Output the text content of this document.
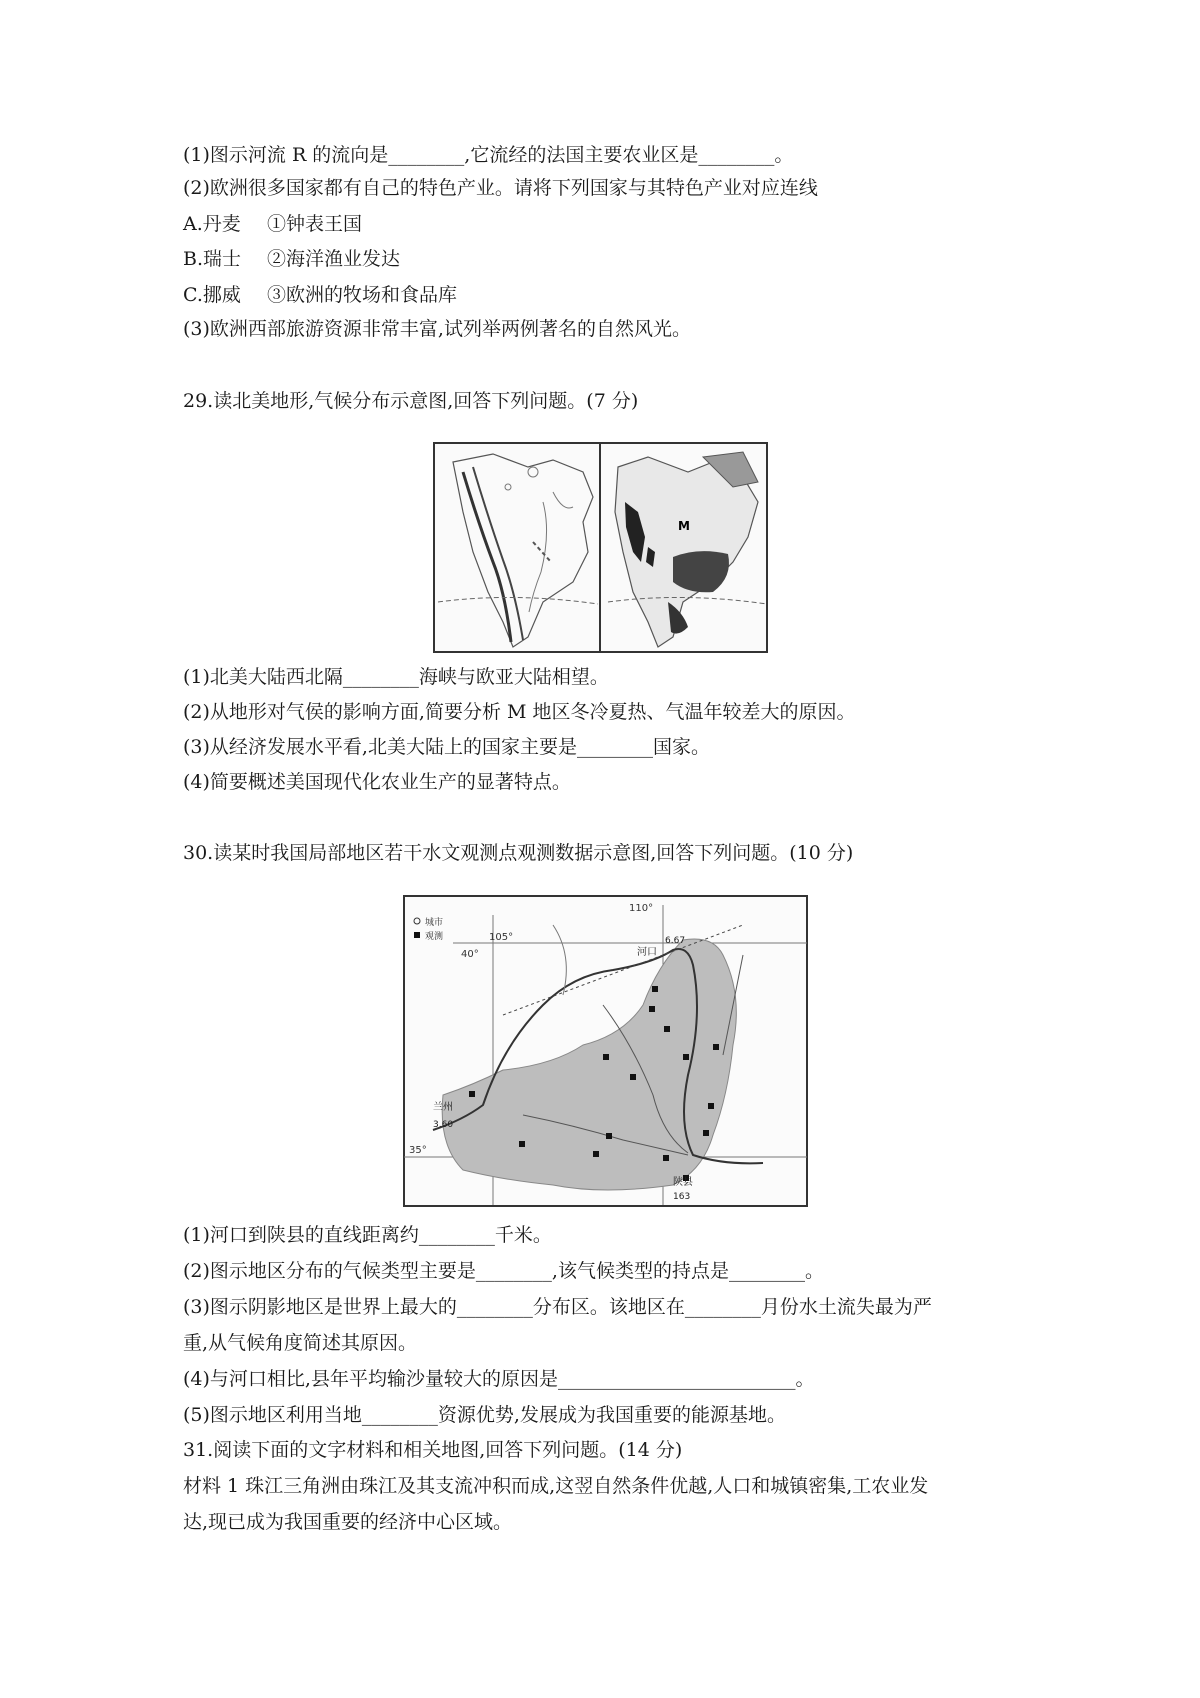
(1)图示河流 R 的流向是________,它流经的法国主要农业区是________。
(2)欧洲很多国家都有自己的特色产业。请将下列国家与其特色产业对应连线
A.丹麦 ①钟表王国
B.瑞士 ②海洋渔业发达
C.挪威 ③欧洲的牧场和食品库
(3)欧洲西部旅游资源非常丰富,试列举两例著名的自然风光。
29.读北美地形,气候分布示意图,回答下列问题。(7 分)
M
(1)北美大陆西北隔________海峡与欧亚大陆相望。
(2)从地形对气侯的影响方面,简要分析 M 地区冬冷夏热、气温年较差大的原因。
(3)从经济发展水平看,北美大陆上的国家主要是________国家。
(4)简要概述美国现代化农业生产的显著特点。
30.读某时我国局部地区若干水文观测点观测数据示意图,回答下列问题。(10 分)
城市
观测
110°
105°
40°
35°
河口
6.67
兰州
3.60
陕县
163
(1)河口到陕县的直线距离约________千米。
(2)图示地区分布的气候类型主要是________,该气候类型的持点是________。
(3)图示阴影地区是世界上最大的________分布区。该地区在________月份水土流失最为严
重,从气候角度简述其原因。
(4)与河口相比,县年平均输沙量较大的原因是_________________________。
(5)图示地区利用当地________资源优势,发展成为我国重要的能源基地。
31.阅读下面的文字材料和相关地图,回答下列问题。(14 分)
材料 1 珠江三角洲由珠江及其支流冲积而成,这翌自然条件优越,人口和城镇密集,工农业发
达,现已成为我国重要的经济中心区域。
